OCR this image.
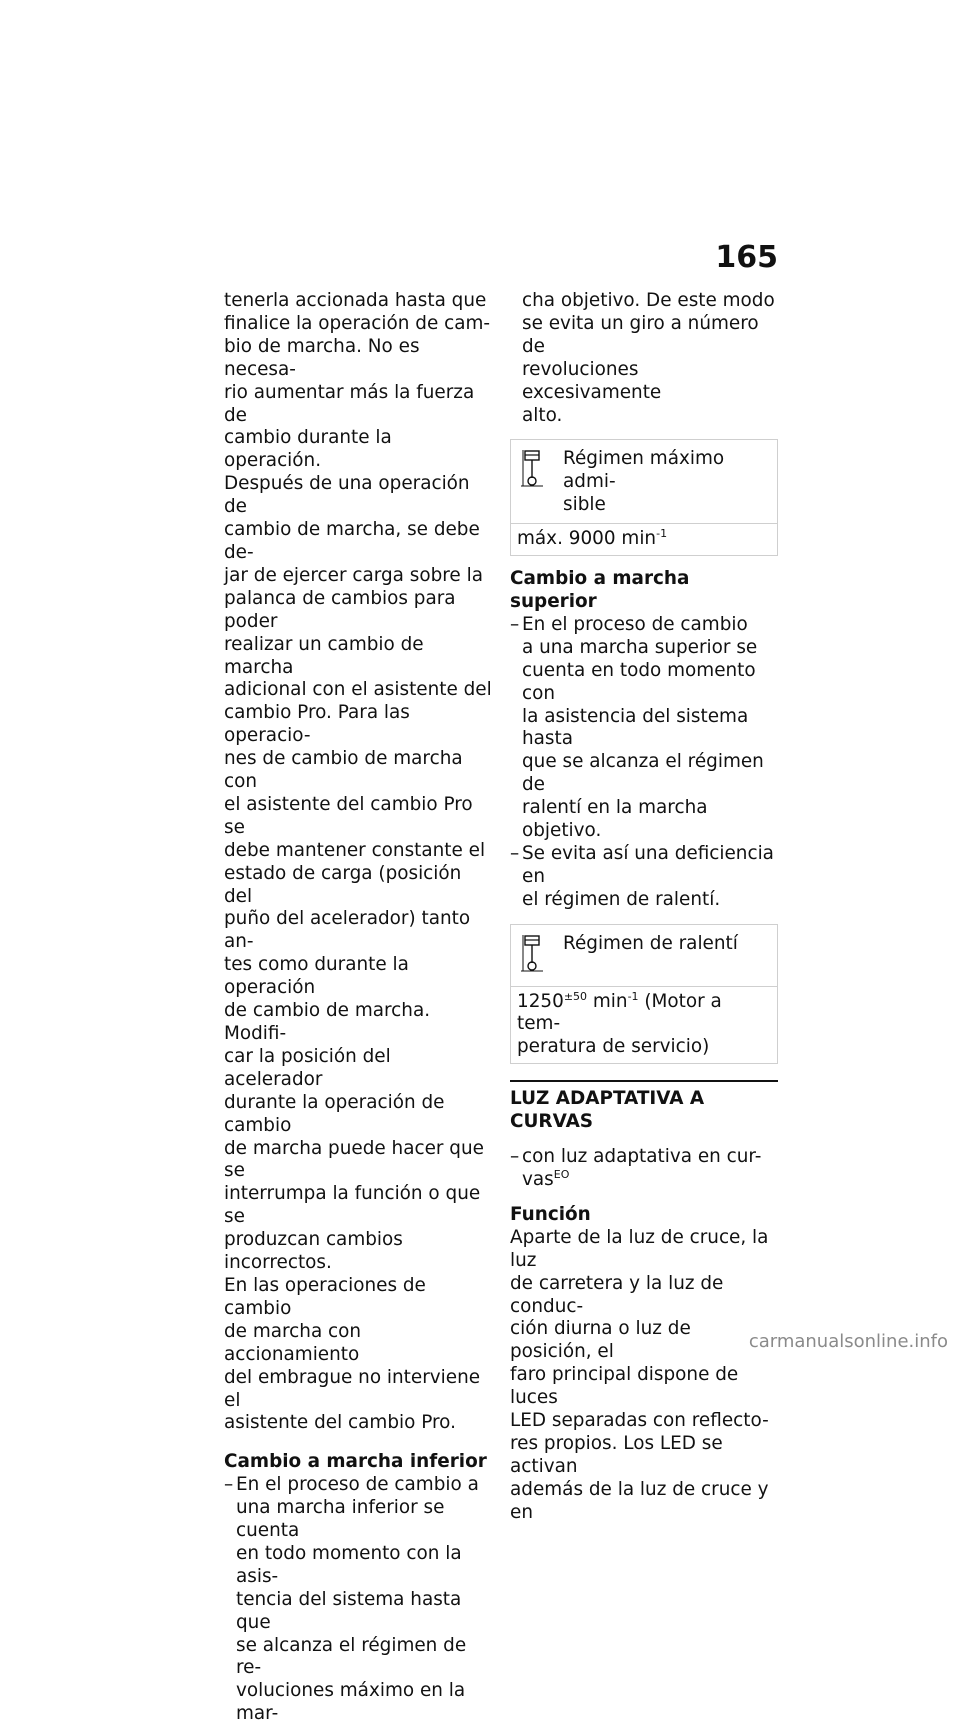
165
tenerla accionada hasta que
finalice la operación de cam-
bio de marcha. No es necesa-
rio aumentar más la fuerza de
cambio durante la operación.
Después de una operación de
cambio de marcha, se debe de-
jar de ejercer carga sobre la
palanca de cambios para poder
realizar un cambio de marcha
adicional con el asistente del
cambio Pro. Para las operacio-
nes de cambio de marcha con
el asistente del cambio Pro se
debe mantener constante el
estado de carga (posición del
puño del acelerador) tanto an-
tes como durante la operación
de cambio de marcha. Modifi-
car la posición del acelerador
durante la operación de cambio
de marcha puede hacer que se
interrumpa la función o que se
produzcan cambios incorrectos.
En las operaciones de cambio
de marcha con accionamiento
del embrague no interviene el
asistente del cambio Pro.

Cambio a marcha inferior

– En el proceso de cambio a
una marcha inferior se cuenta
en todo momento con la asis-
tencia del sistema hasta que
se alcanza el régimen de re-
voluciones máximo en la mar-
cha objetivo. De este modo
se evita un giro a número de
revoluciones excesivamente
alto.
Régimen máximo admi-
sible
máx. 9000 $\min^{-1}$

Cambio a marcha superior

– En el proceso de cambio
a una marcha superior se
cuenta en todo momento con
la asistencia del sistema hasta
que se alcanza el régimen de
ralentí en la marcha objetivo.
– Se evita así una deficiencia en
el régimen de ralentí.
Régimen de ralentí
$1250^{\pm 50}$ $\min^{-1}$ (Motor a tem-
peratura de servicio)

LUZ ADAPTATIVA A CURVAS

– con luz adaptativa en cur-
vas$^{EO}$

Función

Aparte de la luz de cruce, la luz
de carretera y la luz de conduc-
ción diurna o luz de posición, el
faro principal dispone de luces
LED separadas con reflecto-
res propios. Los LED se activan
además de la luz de cruce y en
carmanualsonline.info
